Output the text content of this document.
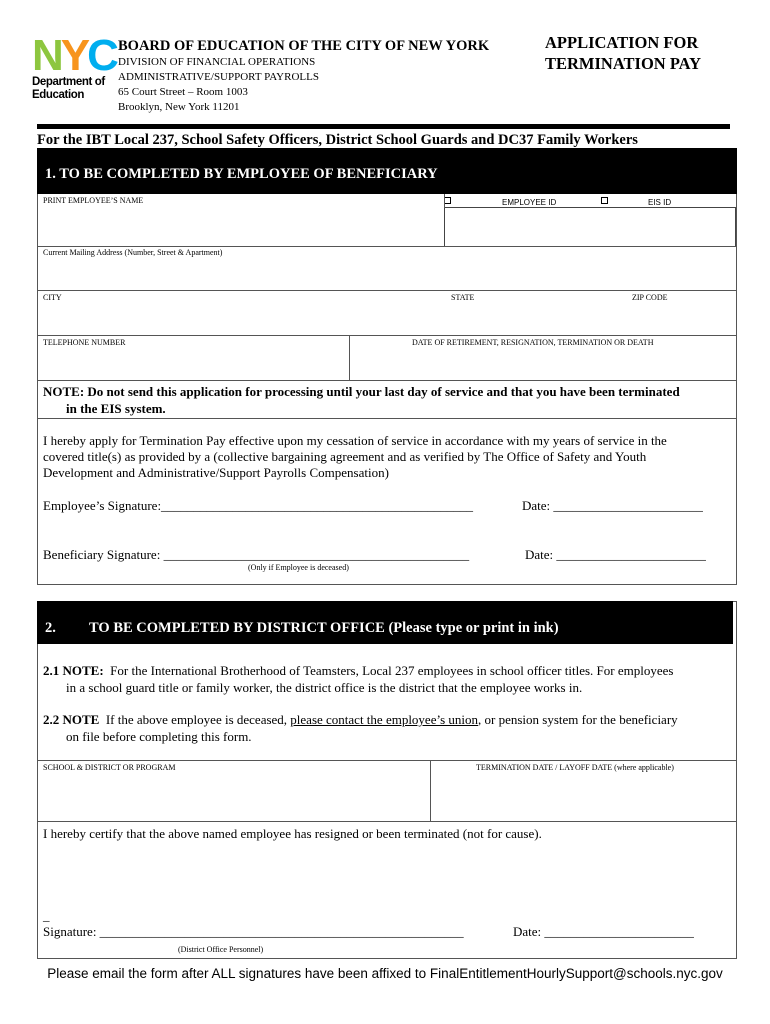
N Y C
Department of
Education
BOARD OF EDUCATION OF THE CITY OF NEW YORK
DIVISION OF FINANCIAL OPERATIONS
ADMINISTRATIVE/SUPPORT PAYROLLS
65 Court Street – Room 1003
Brooklyn, New York 11201
APPLICATION FOR
TERMINATION PAY
For the IBT Local 237, School Safety Officers, District School Guards and DC37 Family Workers
1. TO BE COMPLETED BY EMPLOYEE OF BENEFICIARY
PRINT EMPLOYEE’S NAME	EMPLOYEE ID	EIS ID
Current Mailing Address (Number, Street & Apartment)
CITY	STATE	ZIP CODE
TELEPHONE NUMBER	DATE OF RETIREMENT, RESIGNATION, TERMINATION OR DEATH
NOTE: Do not send this application for processing until your last day of service and that you have been terminated
in the EIS system.
I hereby apply for Termination Pay effective upon my cessation of service in accordance with my years of service in the
covered title(s) as provided by a (collective bargaining agreement and as verified by The Office of Safety and Youth
Development and Administrative/Support Payrolls Compensation)
Employee’s Signature:________________________________________________	Date: _______________________
Beneficiary Signature: _______________________________________________	Date: _______________________
(Only if Employee is deceased)
2. TO BE COMPLETED BY DISTRICT OFFICE (Please type or print in ink)
2.1 NOTE: For the International Brotherhood of Teamsters, Local 237 employees in school officer titles. For employees
in a school guard title or family worker, the district office is the district that the employee works in.
2.2 NOTE If the above employee is deceased, please contact the employee’s union, or pension system for the beneficiary
on file before completing this form.
SCHOOL & DISTRICT OR PROGRAM	TERMINATION DATE / LAYOFF DATE (where applicable)
I hereby certify that the above named employee has resigned or been terminated (not for cause).
_
Signature: ________________________________________________________	Date: _______________________
(District Office Personnel)
Please email the form after ALL signatures have been affixed to FinalEntitlementHourlySupport@schools.nyc.gov
